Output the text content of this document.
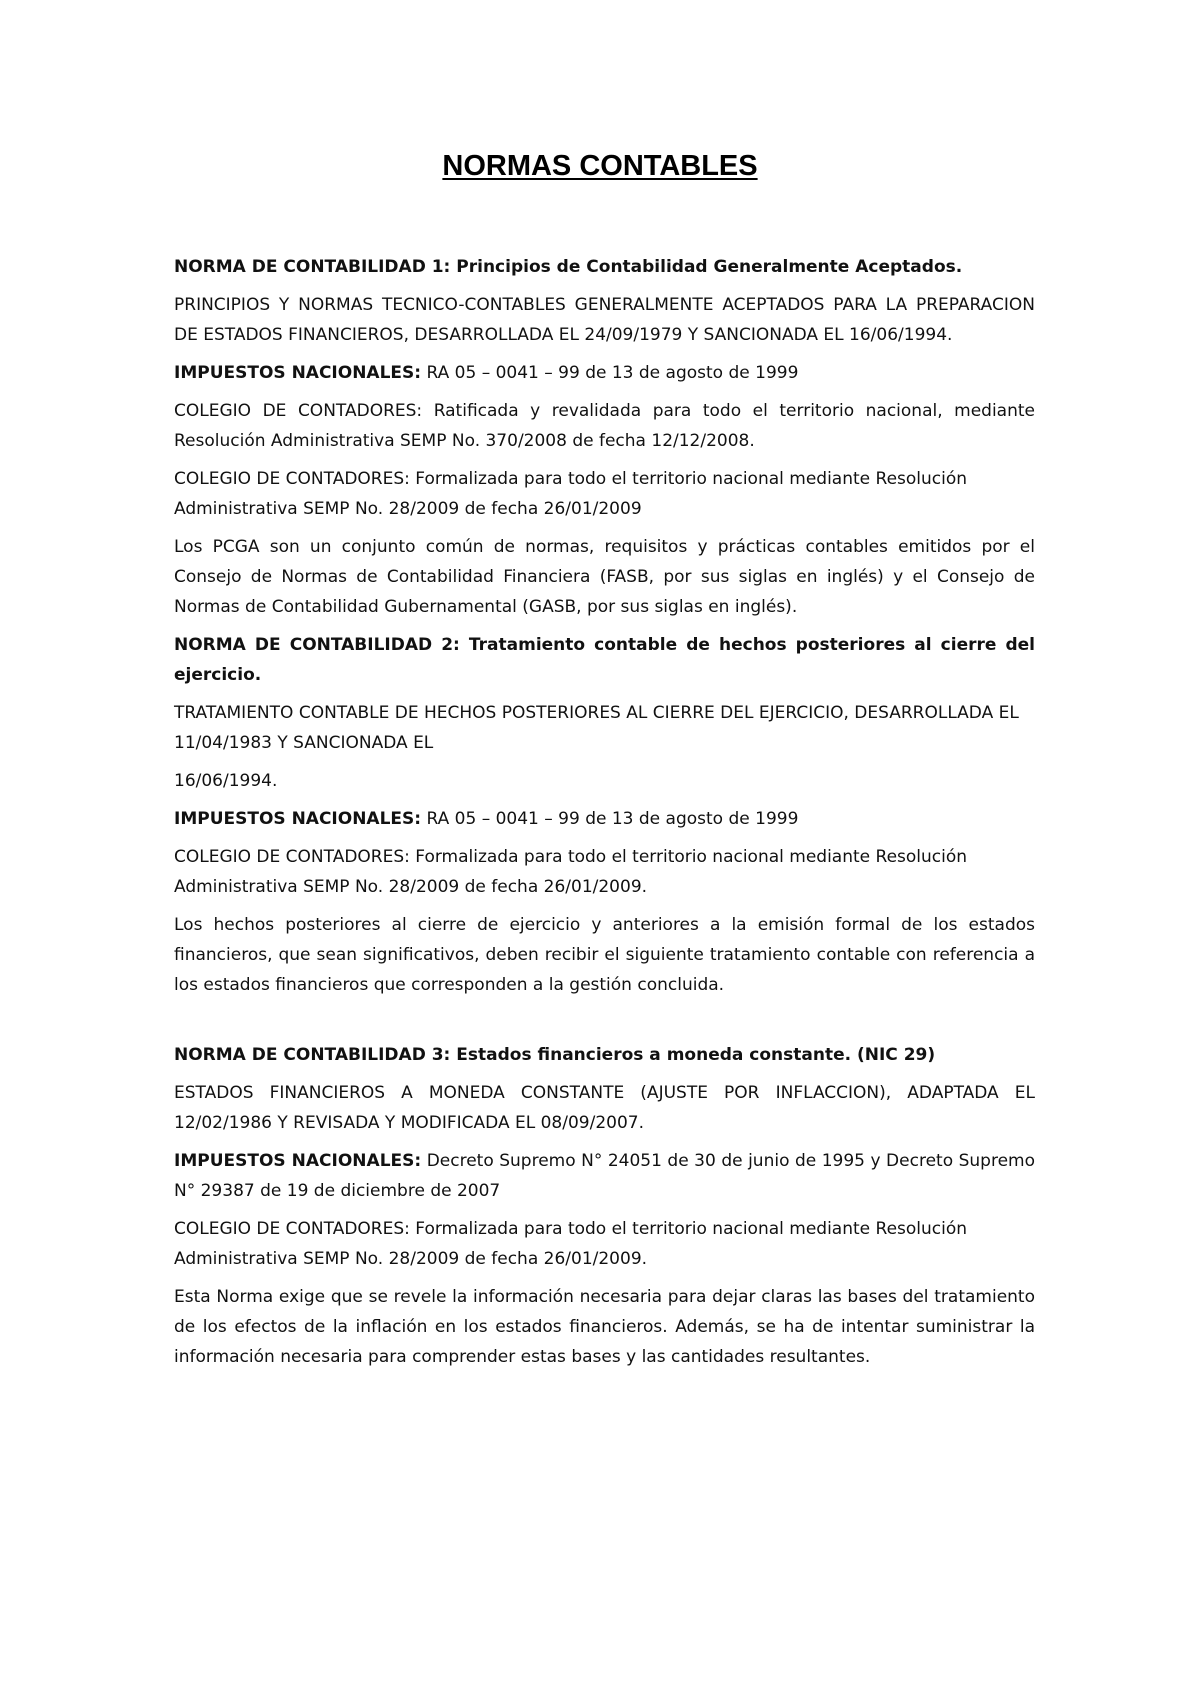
NORMAS CONTABLES

NORMA DE CONTABILIDAD 1: Principios de Contabilidad Generalmente Aceptados.

PRINCIPIOS Y NORMAS TECNICO-CONTABLES GENERALMENTE ACEPTADOS PARA LA PREPARACION DE ESTADOS FINANCIEROS, DESARROLLADA EL 24/09/1979 Y SANCIONADA EL 16/06/1994.

IMPUESTOS NACIONALES: RA 05 – 0041 – 99 de 13 de agosto de 1999

COLEGIO DE CONTADORES: Ratificada y revalidada para todo el territorio nacional, mediante Resolución Administrativa SEMP No. 370/2008 de fecha 12/12/2008.

COLEGIO DE CONTADORES: Formalizada para todo el territorio nacional mediante Resolución Administrativa SEMP No. 28/2009 de fecha 26/01/2009

Los PCGA son un conjunto común de normas, requisitos y prácticas contables emitidos por el Consejo de Normas de Contabilidad Financiera (FASB, por sus siglas en inglés) y el Consejo de Normas de Contabilidad Gubernamental (GASB, por sus siglas en inglés).

NORMA DE CONTABILIDAD 2: Tratamiento contable de hechos posteriores al cierre del ejercicio.

TRATAMIENTO CONTABLE DE HECHOS POSTERIORES AL CIERRE DEL EJERCICIO, DESARROLLADA EL 11/04/1983 Y SANCIONADA EL

16/06/1994.

IMPUESTOS NACIONALES: RA 05 – 0041 – 99 de 13 de agosto de 1999

COLEGIO DE CONTADORES: Formalizada para todo el territorio nacional mediante Resolución Administrativa SEMP No. 28/2009 de fecha 26/01/2009.

Los hechos posteriores al cierre de ejercicio y anteriores a la emisión formal de los estados financieros, que sean significativos, deben recibir el siguiente tratamiento contable con referencia a los estados financieros que corresponden a la gestión concluida.

NORMA DE CONTABILIDAD 3: Estados financieros a moneda constante. (NIC 29)

ESTADOS FINANCIEROS A MONEDA CONSTANTE (AJUSTE POR INFLACCION), ADAPTADA EL 12/02/1986 Y REVISADA Y MODIFICADA EL 08/09/2007.

IMPUESTOS NACIONALES: Decreto Supremo N° 24051 de 30 de junio de 1995 y Decreto Supremo N° 29387 de 19 de diciembre de 2007

COLEGIO DE CONTADORES: Formalizada para todo el territorio nacional mediante Resolución Administrativa SEMP No. 28/2009 de fecha 26/01/2009.

Esta Norma exige que se revele la información necesaria para dejar claras las bases del tratamiento de los efectos de la inflación en los estados financieros. Además, se ha de intentar suministrar la información necesaria para comprender estas bases y las cantidades resultantes.
